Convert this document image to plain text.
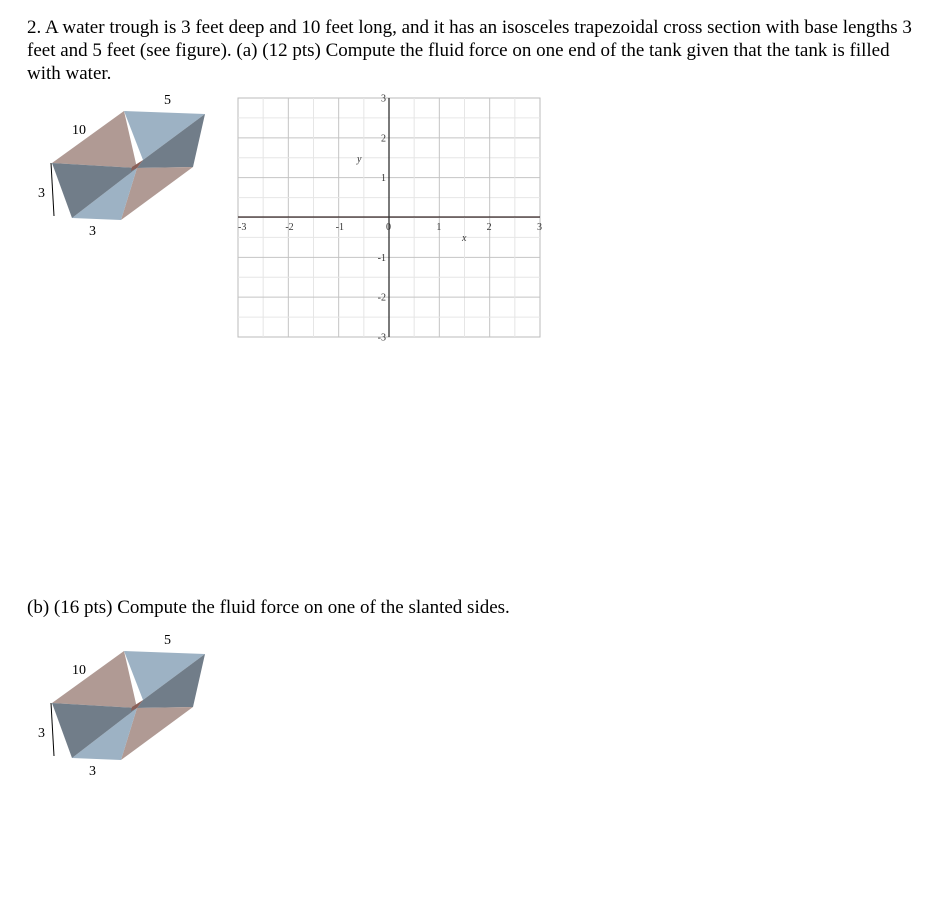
2. A water trough is 3 feet deep and 10 feet long, and it has an isosceles trapezoidal cross section with base lengths 3 feet and 5 feet (see figure). (a) (12 pts) Compute the fluid force on one end of the tank given that the tank is filled with water.
5
10
3
3	-3	-2	-1	0	1	2	3
3
2
1
-1
-2
-3
x
y
5
10
3
3
(b) (16 pts) Compute the fluid force on one of the slanted sides.
